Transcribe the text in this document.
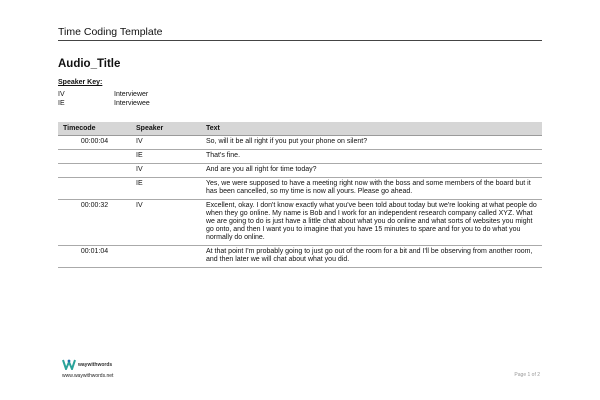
Time Coding Template
Audio_Title
Speaker Key:
IV	Interviewer
IE	Interviewee
Timecode	Speaker	Text
00:00:04	IV	So, will it be all right if you put your phone on silent?
	IE	That's fine.
	IV	And are you all right for time today?
	IE	Yes, we were supposed to have a meeting right now with the boss and some members of the board but it has been cancelled, so my time is now all yours. Please go ahead.
00:00:32	IV	Excellent, okay. I don't know exactly what you've been told about today but we're looking at what people do when they go online. My name is Bob and I work for an independent research company called XYZ. What we are going to do is just have a little chat about what you do online and what sorts of websites you might go onto, and then I want you to imagine that you have 15 minutes to spare and for you to do what you normally do online.
00:01:04		At that point I'm probably going to just go out of the room for a bit and I'll be observing from another room, and then later we will chat about what you did.
waywithwords
www.waywithwords.net	Page 1 of 2
